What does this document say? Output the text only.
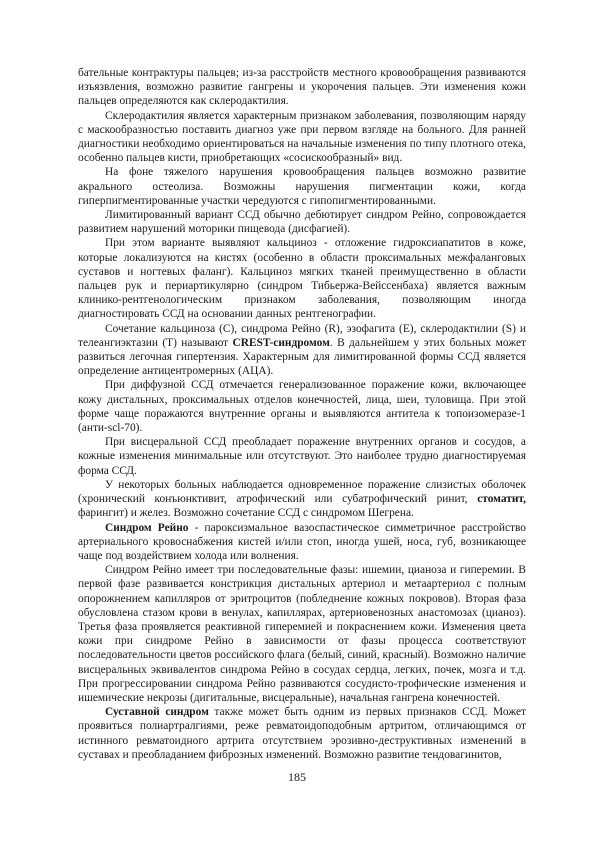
бательные контрактуры пальцев; из-за расстройств местного кровообращения развиваются изъязвления, возможно развитие гангрены и укорочения пальцев. Эти изменения кожи пальцев определяются как склеродактилия.

Склеродактилия является характерным признаком заболевания, позволяющим наряду с маскообразностью поставить диагноз уже при первом взгляде на больного. Для ранней диагностики необходимо ориентироваться на начальные изменения по типу плотного отека, особенно пальцев кисти, приобретающих «сосискообразный» вид.

На фоне тяжелого нарушения кровообращения пальцев возможно развитие акрального остеолиза. Возможны нарушения пигментации кожи, когда гиперпигментированные участки чередуются с гипопигментированными.

Лимитированный вариант ССД обычно дебютирует синдром Рейно, сопровождается развитием нарушений моторики пищевода (дисфагией).

При этом варианте выявляют кальциноз - отложение гидроксиапатитов в коже, которые локализуются на кистях (особенно в области проксимальных межфаланговых суставов и ногтевых фаланг). Кальциноз мягких тканей преимущественно в области пальцев рук и периартикулярно (синдром Тибьержа-Вейссенбаха) является важным клинико-рентгенологическим признаком заболевания, позволяющим иногда диагностировать ССД на основании данных рентгенографии.

Сочетание кальциноза (С), синдрома Рейно (R), эзофагита (Е), склеродактилии (S) и телеангиэктазии (Т) называют CREST-синдромом. В дальнейшем у этих больных может развиться легочная гипертензия. Характерным для лимитированной формы ССД является определение антицентромерных (АЦА).

При диффузной ССД отмечается генерализованное поражение кожи, включающее кожу дистальных, проксимальных отделов конечностей, лица, шеи, туловища. При этой форме чаще поражаются внутренние органы и выявляются антитела к топоизомеразе-1 (анти-scl-70).

При висцеральной ССД преобладает поражение внутренних органов и сосудов, а кожные изменения минимальные или отсутствуют. Это наиболее трудно диагностируемая форма ССД.

У некоторых больных наблюдается одновременное поражение слизистых оболочек (хронический конъюнктивит, атрофический или субатрофический ринит, стоматит, фарингит) и желез. Возможно сочетание ССД с синдромом Шегрена.

Синдром Рейно - пароксизмальное вазоспастическое симметричное расстройство артериального кровоснабжения кистей и/или стоп, иногда ушей, носа, губ, возникающее чаще под воздействием холода или волнения.

Синдром Рейно имеет три последовательные фазы: ишемии, цианоза и гиперемии. В первой фазе развивается констрикция дистальных артериол и метаартериол с полным опорожнением капилляров от эритроцитов (побледнение кожных покровов). Вторая фаза обусловлена стазом крови в венулах, капиллярах, артериовенозных анастомозах (цианоз). Третья фаза проявляется реактивной гиперемией и покраснением кожи. Изменения цвета кожи при синдроме Рейно в зависимости от фазы процесса соответствуют последовательности цветов российского флага (белый, синий, красный). Возможно наличие висцеральных эквивалентов синдрома Рейно в сосудах сердца, легких, почек, мозга и т.д. При прогрессировании синдрома Рейно развиваются сосудисто-трофические изменения и ишемические некрозы (дигитальные, висцеральные), начальная гангрена конечностей.

Суставной синдром также может быть одним из первых признаков ССД. Может проявиться полиартралгиями, реже ревматоидоподобным артритом, отличающимся от истинного ревматоидного артрита отсутствием эрозивно-деструктивных изменений в суставах и преобладанием фиброзных изменений. Возможно развитие тендовагинитов,

185
